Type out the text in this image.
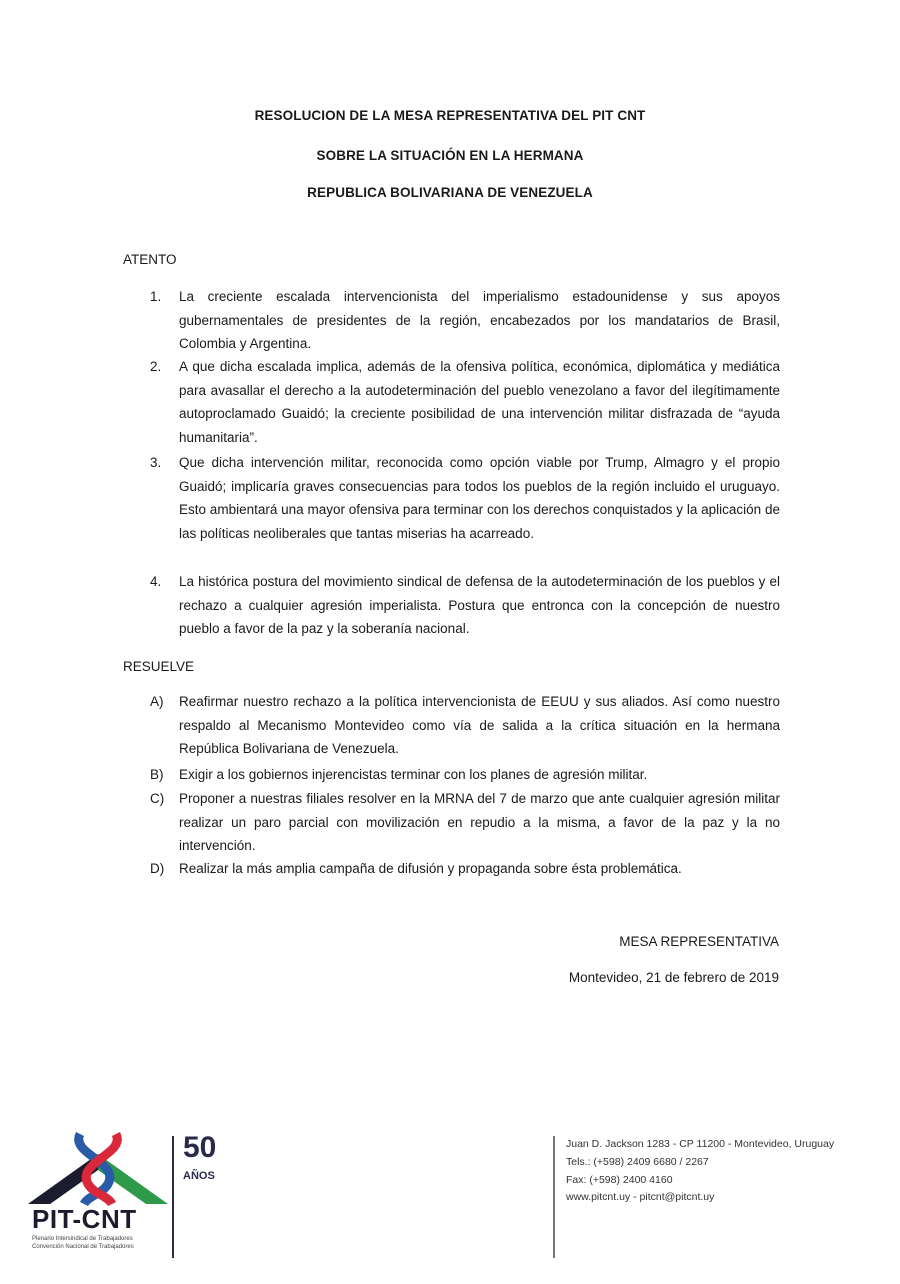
RESOLUCION DE LA MESA REPRESENTATIVA DEL PIT CNT
SOBRE LA SITUACIÓN EN LA HERMANA
REPUBLICA BOLIVARIANA DE VENEZUELA
ATENTO
1. La creciente escalada intervencionista del imperialismo estadounidense y sus apoyos gubernamentales de presidentes de la región, encabezados por los mandatarios de Brasil, Colombia y Argentina.
2. A que dicha escalada implica, además de la ofensiva política, económica, diplomática y mediática para avasallar el derecho a la autodeterminación del pueblo venezolano a favor del ilegítimamente autoproclamado Guaidó; la creciente posibilidad de una intervención militar disfrazada de “ayuda humanitaria”.
3. Que dicha intervención militar, reconocida como opción viable por Trump, Almagro y el propio Guaidó; implicaría graves consecuencias para todos los pueblos de la región incluido el uruguayo. Esto ambientará una mayor ofensiva para terminar con los derechos conquistados y la aplicación de las políticas neoliberales que tantas miserias ha acarreado.
4. La histórica postura del movimiento sindical de defensa de la autodeterminación de los pueblos y el rechazo a cualquier agresión imperialista. Postura que entronca con la concepción de nuestro pueblo a favor de la paz y la soberanía nacional.
RESUELVE
A) Reafirmar nuestro rechazo a la política intervencionista de EEUU y sus aliados. Así como nuestro respaldo al Mecanismo Montevideo como vía de salida a la crítica situación en la hermana República Bolivariana de Venezuela.
B) Exigir a los gobiernos injerencistas terminar con los planes de agresión militar.
C) Proponer a nuestras filiales resolver en la MRNA del 7 de marzo que ante cualquier agresión militar realizar un paro parcial con movilización en repudio a la misma, a favor de la paz y la no intervención.
D) Realizar la más amplia campaña de difusión y propaganda sobre ésta problemática.
MESA REPRESENTATIVA
Montevideo, 21 de febrero de 2019
PIT-CNT
Plenario Intersindical de Trabajadores
Convención Nacional de Trabajadores
50
AÑOS
Juan D. Jackson 1283 - CP 11200 - Montevideo, Uruguay
Tels.: (+598) 2409 6680 / 2267
Fax: (+598) 2400 4160
www.pitcnt.uy - pitcnt@pitcnt.uy
